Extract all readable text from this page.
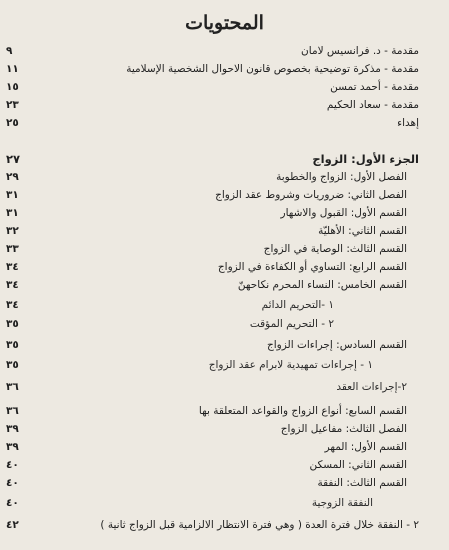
المحتويات
مقدمة - د. فرانسيس لامان
٩
مقدمة - مذكرة توضيحية بخصوص قانون الاحوال الشخصية الإسلامية
١١
مقدمة - أحمد تمسن
١٥
مقدمة - سعاد الحكيم
٢٣
إهداء
٢٥
الجزء الأول: الزواج
٢٧
الفصل الأول: الزواج والخطوبة
٢٩
الفصل الثاني: ضروريات وشروط عقد الزواج
٣١
القسم الأول: القبول والاشهار
٣١
القسم الثاني: الأهليّة
٣٢
القسم الثالث: الوصاية في الزواج
٣٣
القسم الرابع: التساوي أو الكفاءة في الزواج
٣٤
القسم الخامس: النساء المحرم نكاحهنّ
٣٤
١ -التحريم الدائم
٣٤
٢ - التحريم المؤقت
٣٥
القسم السادس: إجراءات الزواج
٣٥
١ - إجراءات تمهيدية لابرام عقد الزواج
٣٥
٢-إجراءات العقد
٣٦
القسم السابع: أنواع الزواج والقواعد المتعلقة بها
٣٦
الفصل الثالث: مفاعيل الزواج
٣٩
القسم الأول: المهر
٣٩
القسم الثاني: المسكن
٤٠
القسم الثالث: النفقة
٤٠
النفقة الزوجية
٤٠
٢ - النفقة خلال فترة العدة ( وهي فترة الانتظار الالزامية قبل الزواج ثانية )
٤٢
